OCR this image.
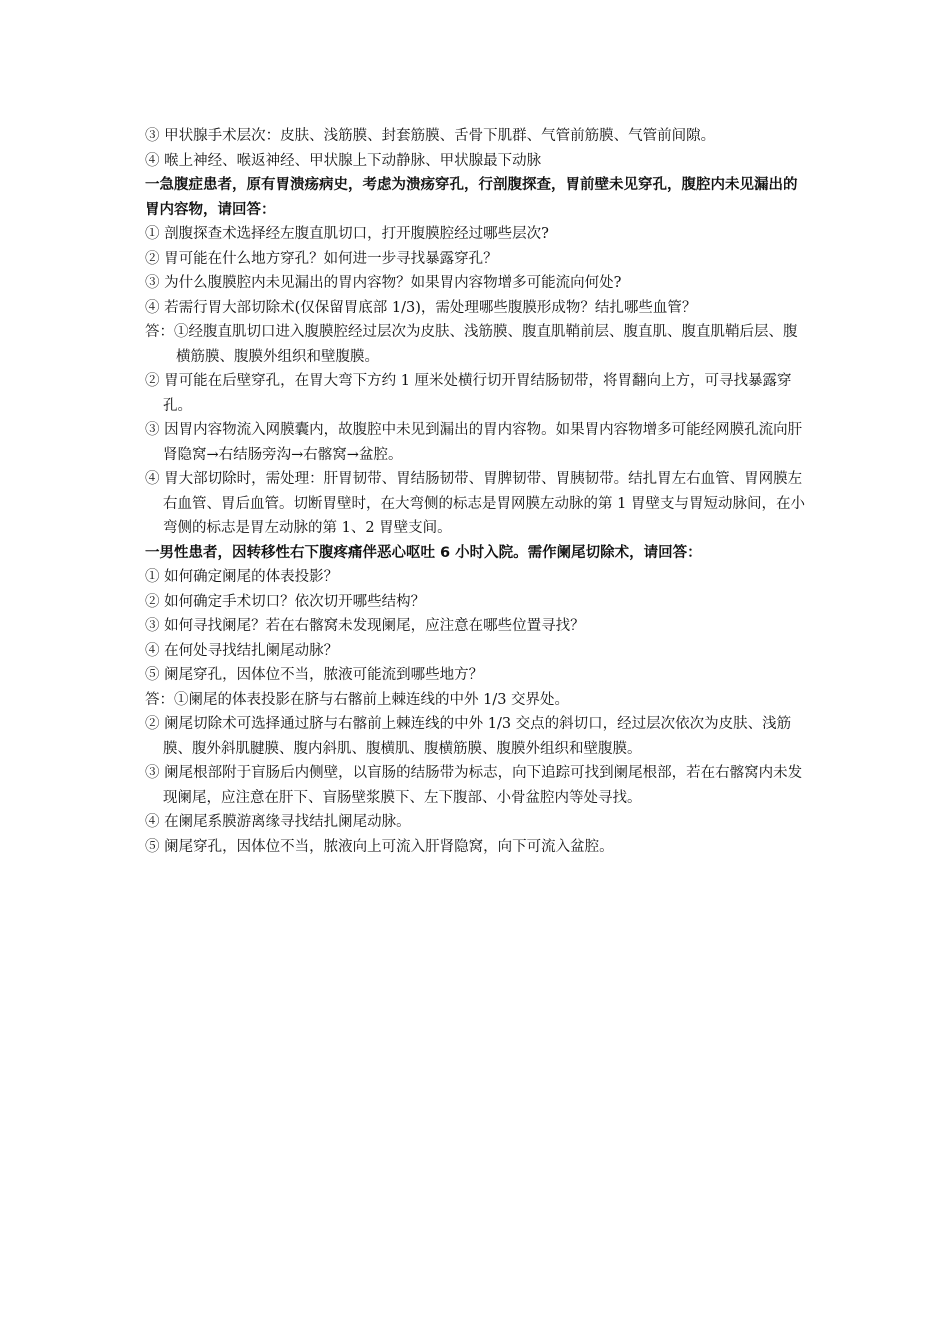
③ 甲状腺手术层次：皮肤、浅筋膜、封套筋膜、舌骨下肌群、气管前筋膜、气管前间隙。
④ 喉上神经、喉返神经、甲状腺上下动静脉、甲状腺最下动脉
一急腹症患者，原有胃溃疡病史，考虑为溃疡穿孔，行剖腹探查，胃前壁未见穿孔，腹腔内未见漏出的胃内容物，请回答：
① 剖腹探查术选择经左腹直肌切口，打开腹膜腔经过哪些层次?
② 胃可能在什么地方穿孔？如何进一步寻找暴露穿孔？
③ 为什么腹膜腔内未见漏出的胃内容物？如果胃内容物增多可能流向何处?
④ 若需行胃大部切除术(仅保留胃底部 1/3)，需处理哪些腹膜形成物？结扎哪些血管？
答：①经腹直肌切口进入腹膜腔经过层次为皮肤、浅筋膜、腹直肌鞘前层、腹直肌、腹直肌鞘后层、腹横筋膜、腹膜外组织和壁腹膜。
② 胃可能在后壁穿孔，在胃大弯下方约 1 厘米处横行切开胃结肠韧带，将胃翻向上方，可寻找暴露穿孔。
③ 因胃内容物流入网膜囊内，故腹腔中未见到漏出的胃内容物。如果胃内容物增多可能经网膜孔流向肝肾隐窝→右结肠旁沟→右髂窝→盆腔。
④ 胃大部切除时，需处理：肝胃韧带、胃结肠韧带、胃脾韧带、胃胰韧带。结扎胃左右血管、胃网膜左右血管、胃后血管。切断胃壁时，在大弯侧的标志是胃网膜左动脉的第 1 胃壁支与胃短动脉间，在小弯侧的标志是胃左动脉的第 1、2 胃壁支间。
一男性患者，因转移性右下腹疼痛伴恶心呕吐 6 小时入院。需作阑尾切除术，请回答：
① 如何确定阑尾的体表投影？
② 如何确定手术切口？依次切开哪些结构？
③ 如何寻找阑尾？若在右髂窝未发现阑尾，应注意在哪些位置寻找？
④ 在何处寻找结扎阑尾动脉？
⑤ 阑尾穿孔，因体位不当，脓液可能流到哪些地方？
答：①阑尾的体表投影在脐与右髂前上棘连线的中外 1/3 交界处。
② 阑尾切除术可选择通过脐与右髂前上棘连线的中外 1/3 交点的斜切口，经过层次依次为皮肤、浅筋膜、腹外斜肌腱膜、腹内斜肌、腹横肌、腹横筋膜、腹膜外组织和壁腹膜。
③ 阑尾根部附于盲肠后内侧壁，以盲肠的结肠带为标志，向下追踪可找到阑尾根部，若在右髂窝内未发现阑尾，应注意在肝下、盲肠壁浆膜下、左下腹部、小骨盆腔内等处寻找。
④ 在阑尾系膜游离缘寻找结扎阑尾动脉。
⑤ 阑尾穿孔，因体位不当，脓液向上可流入肝肾隐窝，向下可流入盆腔。
